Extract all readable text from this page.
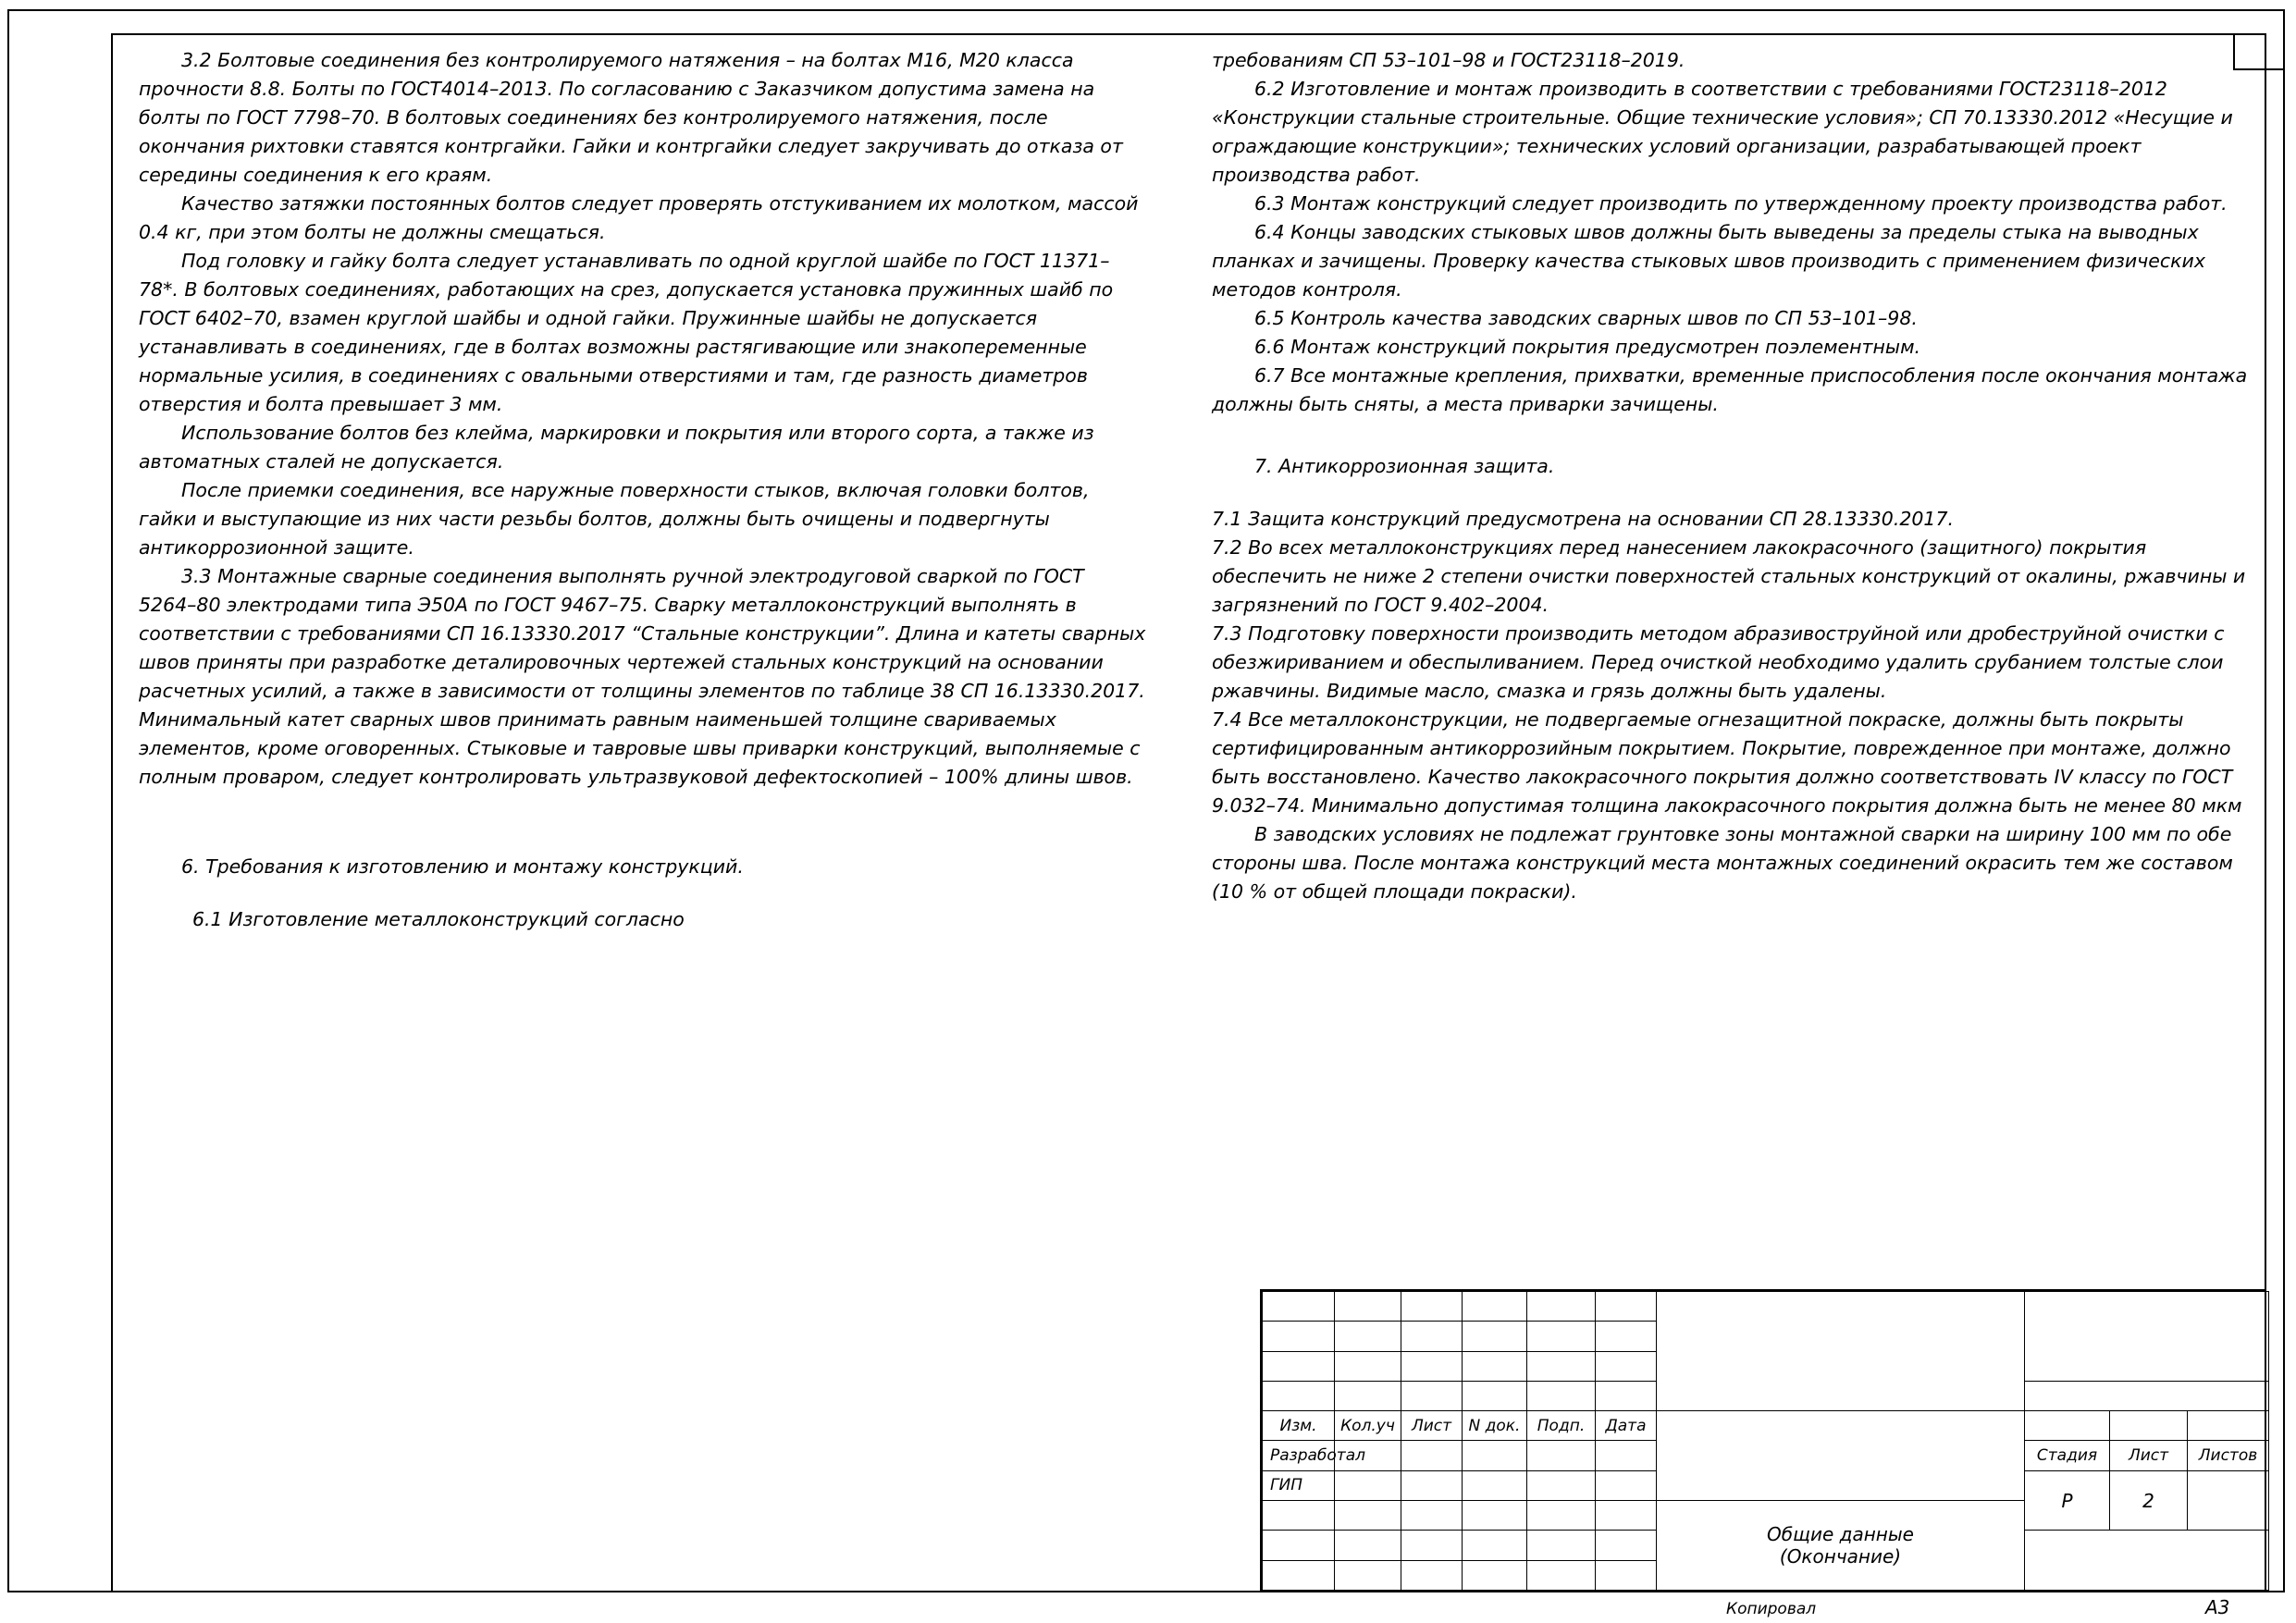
3.2 Болтовые соединения без контролируемого натяжения – на болтах М16, М20 класса прочности 8.8. Болты по ГОСТ4014–2013. По согласованию с Заказчиком допустима замена на болты по ГОСТ 7798–70. В болтовых соединениях без контролируемого натяжения, после окончания рихтовки ставятся контргайки. Гайки и контргайки следует закручивать до отказа от середины соединения к его краям.
Качество затяжки постоянных болтов следует проверять отстукиванием их молотком, массой 0.4 кг, при этом болты не должны смещаться.
Под головку и гайку болта следует устанавливать по одной круглой шайбе по ГОСТ 11371–78*. В болтовых соединениях, работающих на срез, допускается установка пружинных шайб по ГОСТ 6402–70, взамен круглой шайбы и одной гайки. Пружинные шайбы не допускается устанавливать в соединениях, где в болтах возможны растягивающие или знакопеременные нормальные усилия, в соединениях с овальными отверстиями и там, где разность диаметров отверстия и болта превышает 3 мм.
Использование болтов без клейма, маркировки и покрытия или второго сорта, а также из автоматных сталей не допускается.
После приемки соединения, все наружные поверхности стыков, включая головки болтов, гайки и выступающие из них части резьбы болтов, должны быть очищены и подвергнуты антикоррозионной защите.
3.3 Монтажные сварные соединения выполнять ручной электродуговой сваркой по ГОСТ 5264–80 электродами типа Э50А по ГОСТ 9467–75. Сварку металлоконструкций выполнять в соответствии с требованиями СП 16.13330.2017 “Стальные конструкции”. Длина и катеты сварных швов приняты при разработке деталировочных чертежей стальных конструкций на основании расчетных усилий, а также в зависимости от толщины элементов по таблице 38 СП 16.13330.2017. Минимальный катет сварных швов принимать равным наименьшей толщине свариваемых элементов, кроме оговоренных. Стыковые и тавровые швы приварки конструкций, выполняемые с полным проваром, следует контролировать ультразвуковой дефектоскопией – 100% длины швов.
6. Требования к изготовлению и монтажу конструкций.
6.1 Изготовление металлоконструкций согласно
требованиям СП 53–101–98 и ГОСТ23118–2019.
6.2 Изготовление и монтаж производить в соответствии с требованиями ГОСТ23118–2012 «Конструкции стальные строительные. Общие технические условия»; СП 70.13330.2012 «Несущие и ограждающие конструкции»; технических условий организации, разрабатывающей проект производства работ.
6.3 Монтаж конструкций следует производить по утвержденному проекту производства работ.
6.4 Концы заводских стыковых швов должны быть выведены за пределы стыка на выводных планках и зачищены. Проверку качества стыковых швов производить с применением физических методов контроля.
6.5 Контроль качества заводских сварных швов по СП 53–101–98.
6.6 Монтаж конструкций покрытия предусмотрен поэлементным.
6.7 Все монтажные крепления, прихватки, временные приспособления после окончания монтажа должны быть сняты, а места приварки зачищены.
7. Антикоррозионная защита.
7.1 Защита конструкций предусмотрена на основании СП 28.13330.2017.
7.2 Во всех металлоконструкциях перед нанесением лакокрасочного (защитного) покрытия обеспечить не ниже 2 степени очистки поверхностей стальных конструкций от окалины, ржавчины и загрязнений по ГОСТ 9.402–2004.
7.3 Подготовку поверхности производить методом абразивоструйной или дробеструйной очистки с обезжириванием и обеспыливанием. Перед очисткой необходимо удалить срубанием толстые слои ржавчины. Видимые масло, смазка и грязь должны быть удалены.
7.4 Все металлоконструкции, не подвергаемые огнезащитной покраске, должны быть покрыты сертифицированным антикоррозийным покрытием. Покрытие, поврежденное при монтаже, должно быть восстановлено. Качество лакокрасочного покрытия должно соответствовать IV классу по ГОСТ 9.032–74. Минимально допустимая толщина лакокрасочного покрытия должна быть не менее 80 мкм
В заводских условиях не подлежат грунтовке зоны монтажной сварки на ширину 100 мм по обе стороны шва. После монтажа конструкций места монтажных соединений окрасить тем же составом (10 % от общей площади покраски).

Изм.	Кол.уч	Лист	N док.	Подп.	Дата				
Разработал							Стадия	Лист	Листов
ГИП							Р	2	

						Общие данные
(Окончание)			

Копировал	A3
